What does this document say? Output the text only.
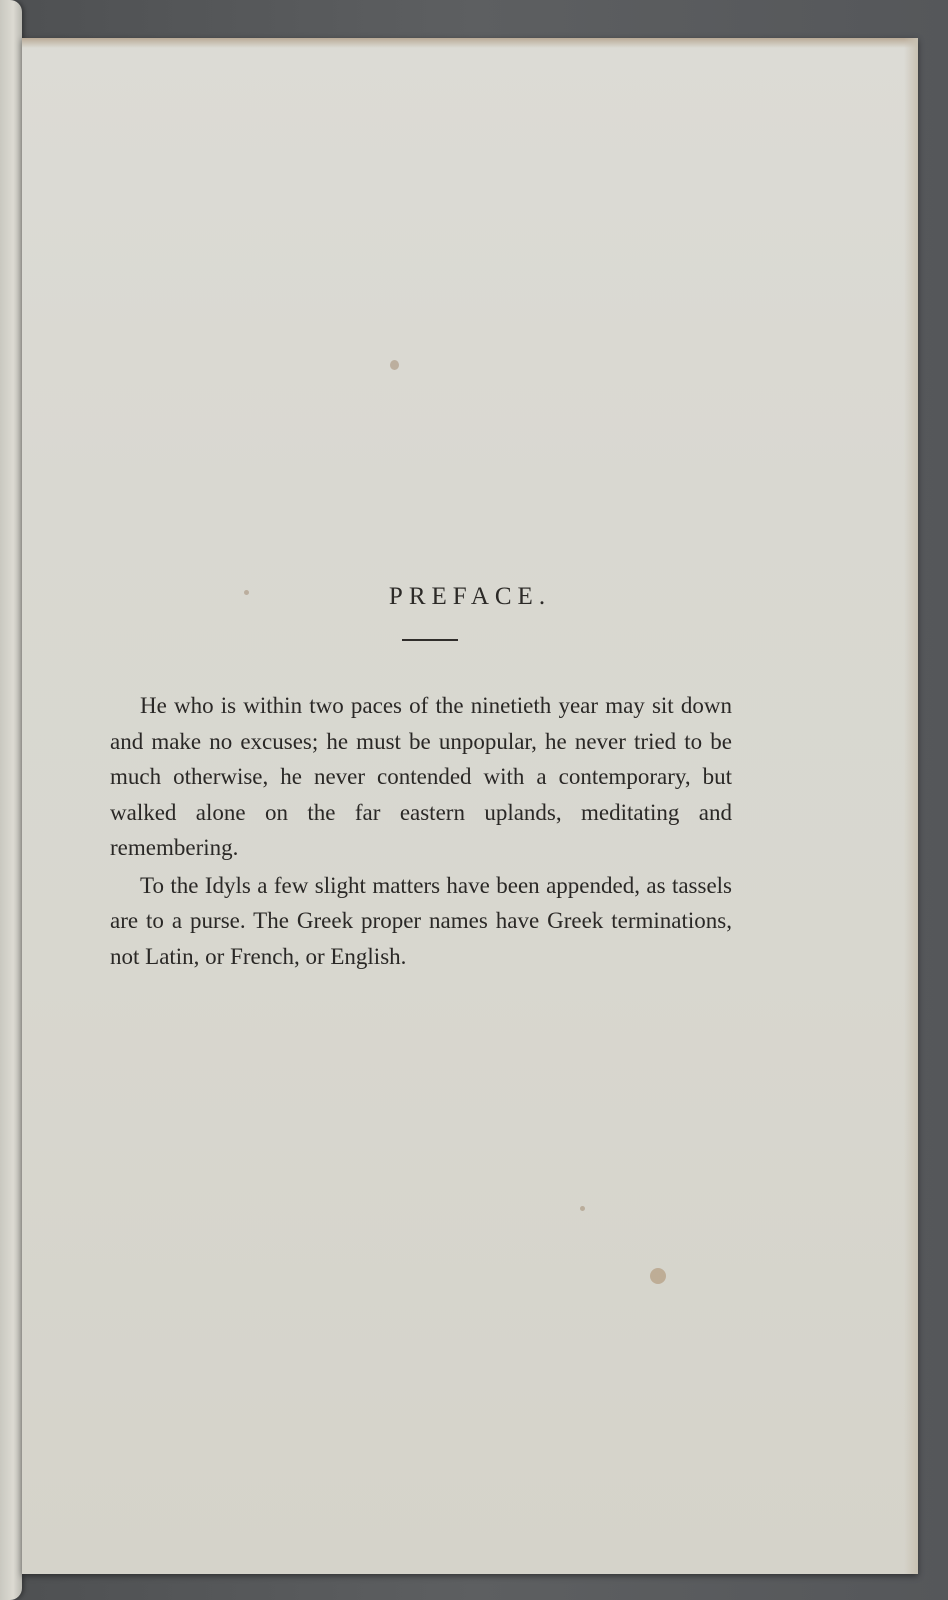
PREFACE.

He who is within two paces of the ninetieth year may sit down and make no excuses; he must be unpopular, he never tried to be much otherwise, he never contended with a contemporary, but walked alone on the far eastern uplands, meditating and remembering.

To the Idyls a few slight matters have been appended, as tassels are to a purse. The Greek proper names have Greek terminations, not Latin, or French, or English.
